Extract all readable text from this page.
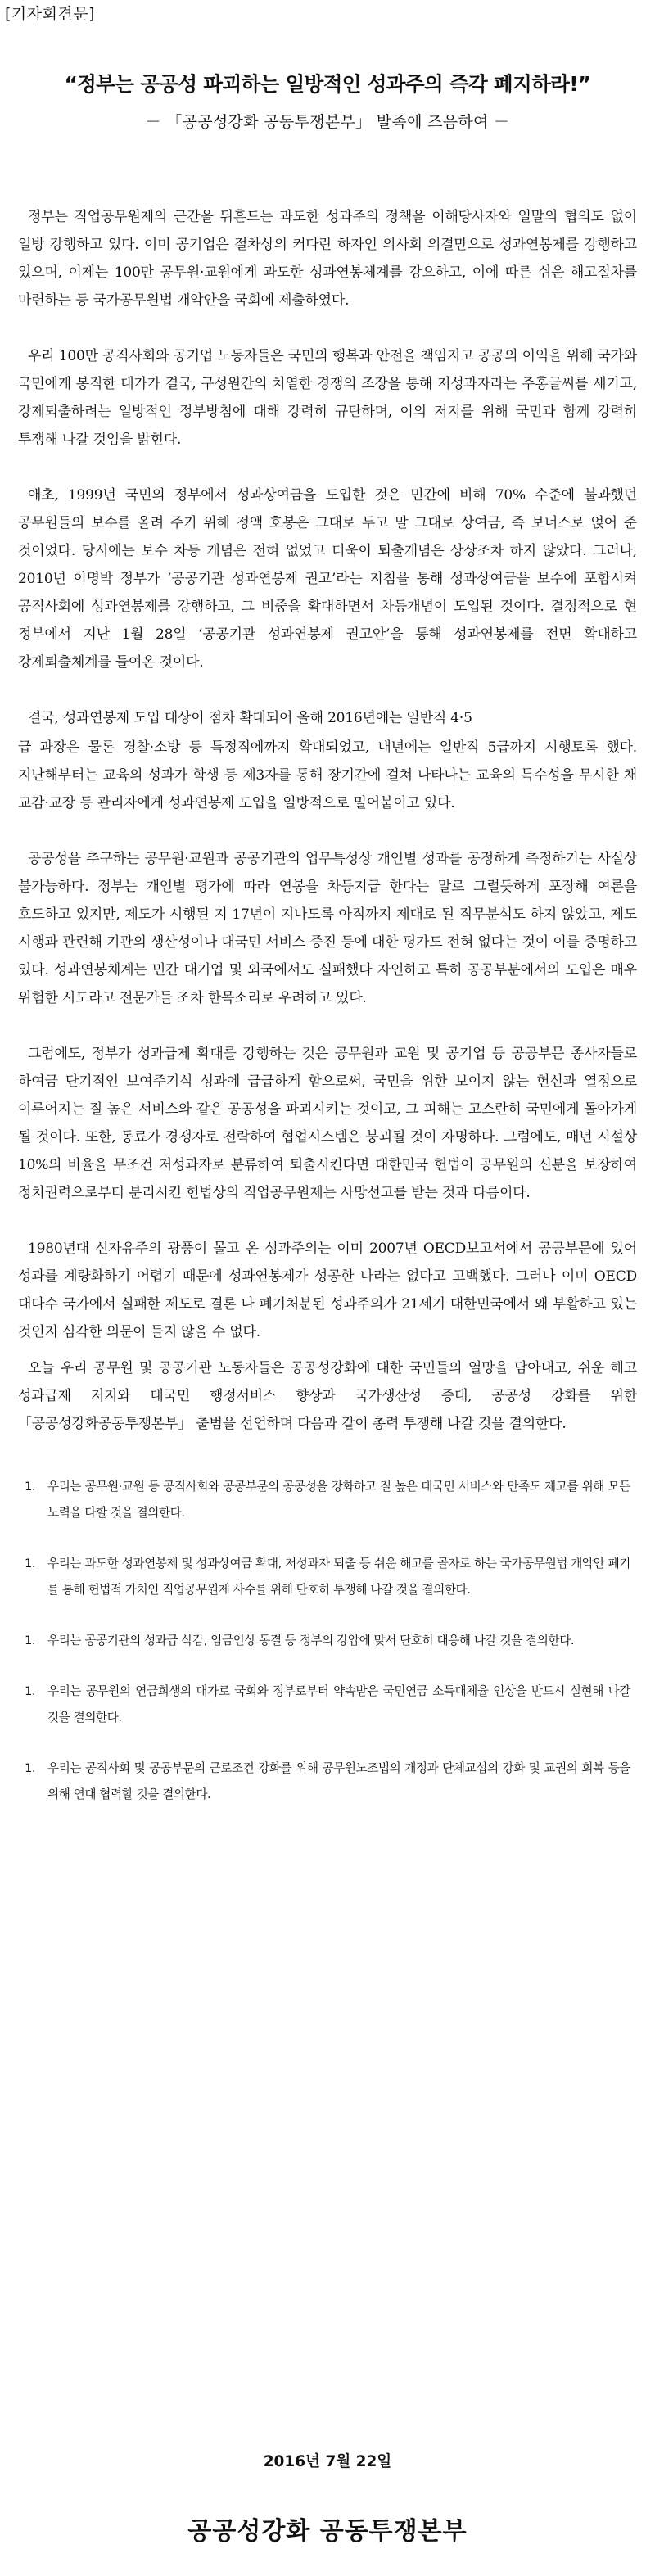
[기자회견문]
“정부는 공공성 파괴하는 일방적인 성과주의 즉각 폐지하라!”
－ 「공공성강화 공동투쟁본부」 발족에 즈음하여 －
정부는 직업공무원제의 근간을 뒤흔드는 과도한 성과주의 정책을 이해당사자와 일말의 협의도 없이 일방 강행하고 있다. 이미 공기업은 절차상의 커다란 하자인 의사회 의결만으로 성과연봉제를 강행하고 있으며, 이제는 100만 공무원·교원에게 과도한 성과연봉체계를 강요하고, 이에 따른 쉬운 해고절차를 마련하는 등 국가공무원법 개악안을 국회에 제출하였다.
우리 100만 공직사회와 공기업 노동자들은 국민의 행복과 안전을 책임지고 공공의 이익을 위해 국가와 국민에게 봉직한 대가가 결국, 구성원간의 치열한 경쟁의 조장을 통해 저성과자라는 주홍글씨를 새기고, 강제퇴출하려는 일방적인 정부방침에 대해 강력히 규탄하며, 이의 저지를 위해 국민과 함께 강력히 투쟁해 나갈 것임을 밝힌다.
애초, 1999년 국민의 정부에서 성과상여금을 도입한 것은 민간에 비해 70% 수준에 불과했던 공무원들의 보수를 올려 주기 위해 정액 호봉은 그대로 두고 말 그대로 상여금, 즉 보너스로 얹어 준 것이었다. 당시에는 보수 차등 개념은 전혀 없었고 더욱이 퇴출개념은 상상조차 하지 않았다. 그러나, 2010년 이명박 정부가 ‘공공기관 성과연봉제 권고’라는 지침을 통해 성과상여금을 보수에 포함시켜 공직사회에 성과연봉제를 강행하고, 그 비중을 확대하면서 차등개념이 도입된 것이다. 결정적으로 현 정부에서 지난 1월 28일 ‘공공기관 성과연봉제 권고안’을 통해 성과연봉제를 전면 확대하고 강제퇴출체계를 들여온 것이다.
결국, 성과연봉제 도입 대상이 점차 확대되어 올해 2016년에는 일반직 4·5
급 과장은 물론 경찰·소방 등 특정직에까지 확대되었고, 내년에는 일반직 5급까지 시행토록 했다. 지난해부터는 교육의 성과가 학생 등 제3자를 통해 장기간에 걸쳐 나타나는 교육의 특수성을 무시한 채 교감·교장 등 관리자에게 성과연봉제 도입을 일방적으로 밀어붙이고 있다.
공공성을 추구하는 공무원·교원과 공공기관의 업무특성상 개인별 성과를 공정하게 측정하기는 사실상 불가능하다. 정부는 개인별 평가에 따라 연봉을 차등지급 한다는 말로 그럴듯하게 포장해 여론을 호도하고 있지만, 제도가 시행된 지 17년이 지나도록 아직까지 제대로 된 직무분석도 하지 않았고, 제도 시행과 관련해 기관의 생산성이나 대국민 서비스 증진 등에 대한 평가도 전혀 없다는 것이 이를 증명하고 있다. 성과연봉체계는 민간 대기업 및 외국에서도 실패했다 자인하고 특히 공공부분에서의 도입은 매우 위험한 시도라고 전문가들 조차 한목소리로 우려하고 있다.
그럼에도, 정부가 성과급제 확대를 강행하는 것은 공무원과 교원 및 공기업 등 공공부문 종사자들로 하여금 단기적인 보여주기식 성과에 급급하게 함으로써, 국민을 위한 보이지 않는 헌신과 열정으로 이루어지는 질 높은 서비스와 같은 공공성을 파괴시키는 것이고, 그 피해는 고스란히 국민에게 돌아가게 될 것이다. 또한, 동료가 경쟁자로 전락하여 협업시스템은 붕괴될 것이 자명하다. 그럼에도, 매년 시설상 10%의 비율을 무조건 저성과자로 분류하여 퇴출시킨다면 대한민국 헌법이 공무원의 신분을 보장하여 정치권력으로부터 분리시킨 헌법상의 직업공무원제는 사망선고를 받는 것과 다름이다.
1.	우리는 공무원·교원 등 공직사회와 공공부문의 공공성을 강화하고 질 높은 대국민 서비스와 만족도 제고를 위해 모든 노력을 다할 것을 결의한다.
1.	우리는 과도한 성과연봉제 및 성과상여금 확대, 저성과자 퇴출 등 쉬운 해고를 골자로 하는 국가공무원법 개악안 폐기를 통해 헌법적 가치인 직업공무원제 사수를 위해 단호히 투쟁해 나갈 것을 결의한다.
1.	우리는 공공기관의 성과급 삭감, 임금인상 동결 등 정부의 강압에 맞서 단호히 대응해 나갈 것을 결의한다.
1.	우리는 공무원의 연금희생의 대가로 국회와 정부로부터 약속받은 국민연금 소득대체율 인상을 반드시 실현해 나갈 것을 결의한다.
1.	우리는 공직사회 및 공공부문의 근로조건 강화를 위해 공무원노조법의 개정과 단체교섭의 강화 및 교권의 회복 등을 위해 연대 협력할 것을 결의한다.
2016년 7월 22일
공공성강화 공동투쟁본부
1980년대 신자유주의 광풍이 몰고 온 성과주의는 이미 2007년 OECD보고서에서 공공부문에 있어 성과를 계량화하기 어렵기 때문에 성과연봉제가 성공한 나라는 없다고 고백했다. 그러나 이미 OECD 대다수 국가에서 실패한 제도로 결론 나 폐기처분된 성과주의가 21세기 대한민국에서 왜 부활하고 있는 것인지 심각한 의문이 들지 않을 수 없다.
오늘 우리 공무원 및 공공기관 노동자들은 공공성강화에 대한 국민들의 열망을 담아내고, 쉬운 해고 성과급제 저지와 대국민 행정서비스 향상과 국가생산성 증대, 공공성 강화를 위한 「공공성강화공동투쟁본부」 출범을 선언하며 다음과 같이 총력 투쟁해 나갈 것을 결의한다.
